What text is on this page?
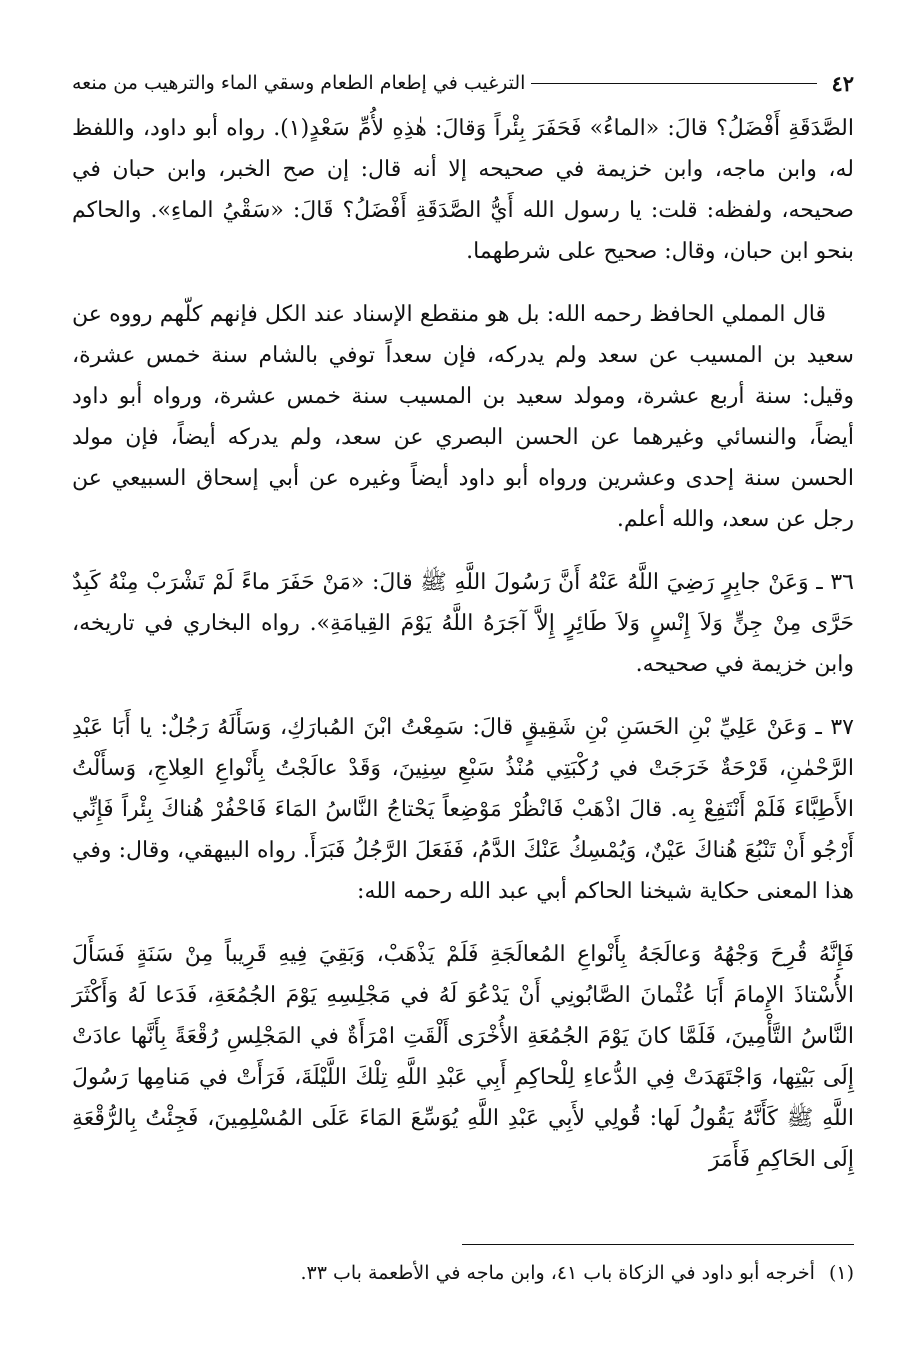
٤٢
الترغيب في إطعام الطعام وسقي الماء والترهيب من منعه

الصَّدَقَةِ أَفْضَلُ؟ قالَ: «الماءُ» فَحَفَرَ بِئْراً وَقالَ: هٰذِهِ لأُمِّ سَعْدٍ(١). رواه أبو داود، واللفظ له، وابن ماجه، وابن خزيمة في صحيحه إلا أنه قال: إن صح الخبر، وابن حبان في صحيحه، ولفظه: قلت: يا رسول الله أَيُّ الصَّدَقَةِ أَفْضَلُ؟ قَالَ: «سَقْيُ الماءِ». والحاكم بنحو ابن حبان، وقال: صحيح على شرطهما.

قال المملي الحافظ رحمه الله: بل هو منقطع الإسناد عند الكل فإنهم كلّهم رووه عن سعيد بن المسيب عن سعد ولم يدركه، فإن سعداً توفي بالشام سنة خمس عشرة، وقيل: سنة أربع عشرة، ومولد سعيد بن المسيب سنة خمس عشرة، ورواه أبو داود أيضاً، والنسائي وغيرهما عن الحسن البصري عن سعد، ولم يدركه أيضاً، فإن مولد الحسن سنة إحدى وعشرين ورواه أبو داود أيضاً وغيره عن أبي إسحاق السبيعي عن رجل عن سعد، والله أعلم.

٣٦ ـ وَعَنْ جابِرٍ رَضِيَ اللَّهُ عَنْهُ أَنَّ رَسُولَ اللَّهِ ﷺ قالَ: «مَنْ حَفَرَ ماءً لَمْ تَشْرَبْ مِنْهُ كَبِدٌ حَرَّى مِنْ جِنٍّ وَلاَ إِنْسٍ وَلاَ طَائِرٍ إِلاَّ آجَرَهُ اللَّهُ يَوْمَ القِيامَةِ». رواه البخاري في تاريخه، وابن خزيمة في صحيحه.

٣٧ ـ وَعَنْ عَلِيِّ بْنِ الحَسَنِ بْنِ شَقِيقٍ قالَ: سَمِعْتُ ابْنَ المُبارَكِ، وَسَأَلَهُ رَجُلٌ: يا أَبَا عَبْدِ الرَّحْمٰنِ، قَرْحَةٌ خَرَجَتْ في رُكْبَتِي مُنْذُ سَبْعِ سِنِينَ، وَقَدْ عالَجْتُ بِأَنْواعِ العِلاجِ، وَسأَلْتُ الأَطِبَّاءَ فَلَمْ أَنْتَفِعْ بِه. قالَ اذْهَبْ فَانْظُرْ مَوْضِعاً يَحْتاجُ النَّاسُ المَاءَ فَاحْفُرْ هُناكَ بِئْراً فَإِنِّي أَرْجُو أَنْ تَنْبُعَ هُناكَ عَيْنٌ، وَيُمْسِكُ عَنْكَ الدَّمُ، فَفَعَلَ الرَّجُلُ فَبَرَأَ. رواه البيهقي، وقال: وفي هذا المعنى حكاية شيخنا الحاكم أبي عبد الله رحمه الله:

فَإِنَّهُ قُرِحَ وَجْهُهُ وَعالَجَهُ بِأَنْواعِ المُعالَجَةِ فَلَمْ يَذْهَبْ، وَبَقِيَ فِيهِ قَرِيباً مِنْ سَنَةٍ فَسَأَلَ الأُسْتاذَ الإِمامَ أَبَا عُثْمانَ الصَّابُونِي أَنْ يَدْعُوَ لَهُ في مَجْلِسِهِ يَوْمَ الجُمُعَةِ، فَدَعا لَهُ وَأَكْثَرَ النَّاسُ التَّأْمِينَ، فَلَمَّا كانَ يَوْمَ الجُمُعَةِ الأُخْرَى أَلْقَتِ امْرَأَةٌ في المَجْلِسِ رُقْعَةً بِأَنَّها عادَتْ إِلَى بَيْتِها، وَاجْتَهَدَتْ فِي الدُّعاءِ لِلْحاكِمِ أَبِي عَبْدِ اللَّهِ تِلْكَ اللَّيْلَةَ، فَرَأَتْ في مَنامِها رَسُولَ اللَّهِ ﷺ كَأَنَّهُ يَقُولُ لَها: قُولِي لأَبِي عَبْدِ اللَّهِ يُوَسِّعَ المَاءَ عَلَى المُسْلِمِينَ، فَجِئْتُ بِالرُّقْعَةِ إِلَى الحَاكِمِ فَأَمَرَ

(١)أخرجه أبو داود في الزكاة باب ٤١، وابن ماجه في الأطعمة باب ٣٣.
